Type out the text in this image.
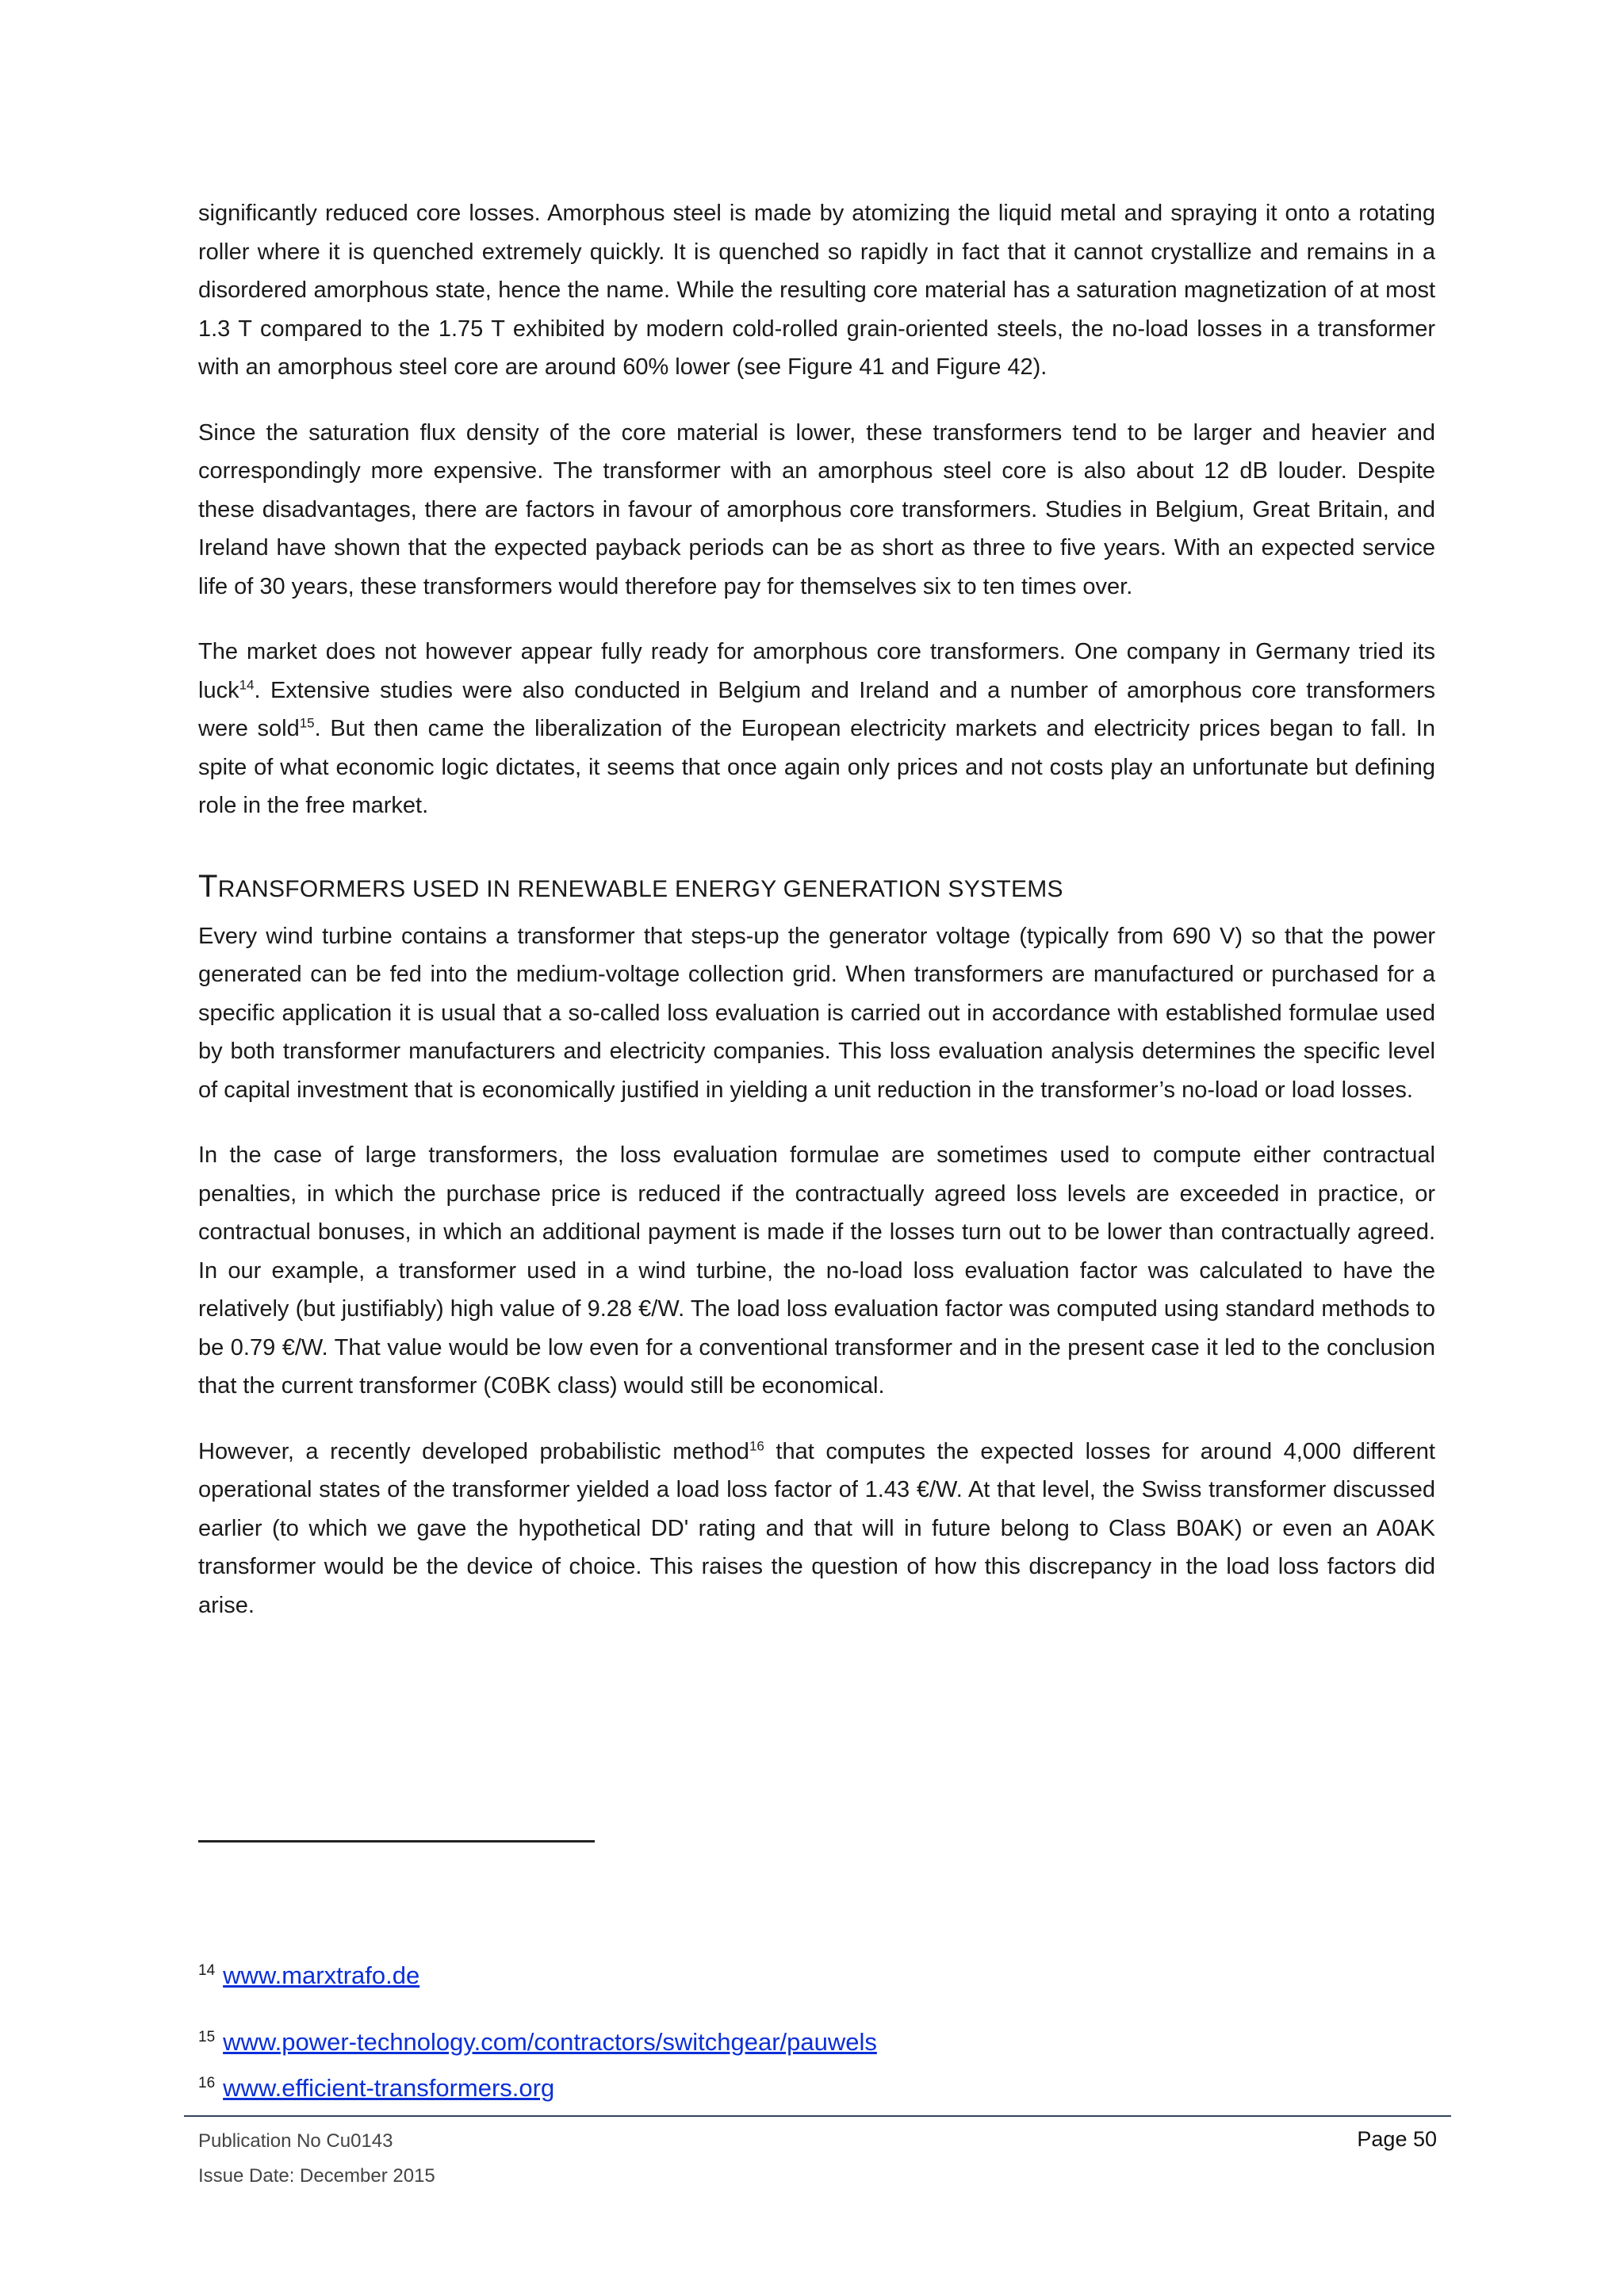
significantly reduced core losses. Amorphous steel is made by atomizing the liquid metal and spraying it onto a rotating roller where it is quenched extremely quickly. It is quenched so rapidly in fact that it cannot crystallize and remains in a disordered amorphous state, hence the name. While the resulting core material has a saturation magnetization of at most 1.3 T compared to the 1.75 T exhibited by modern cold-rolled grain-oriented steels, the no-load losses in a transformer with an amorphous steel core are around 60% lower (see Figure 41 and Figure 42).

Since the saturation flux density of the core material is lower, these transformers tend to be larger and heavier and correspondingly more expensive. The transformer with an amorphous steel core is also about 12 dB louder. Despite these disadvantages, there are factors in favour of amorphous core transformers. Studies in Belgium, Great Britain, and Ireland have shown that the expected payback periods can be as short as three to five years. With an expected service life of 30 years, these transformers would therefore pay for themselves six to ten times over.

The market does not however appear fully ready for amorphous core transformers. One company in Germany tried its luck$^{14}$. Extensive studies were also conducted in Belgium and Ireland and a number of amorphous core transformers were sold$^{15}$. But then came the liberalization of the European electricity markets and electricity prices began to fall. In spite of what economic logic dictates, it seems that once again only prices and not costs play an unfortunate but defining role in the free market.

TRANSFORMERS USED IN RENEWABLE ENERGY GENERATION SYSTEMS

Every wind turbine contains a transformer that steps-up the generator voltage (typically from 690 V) so that the power generated can be fed into the medium-voltage collection grid. When transformers are manufactured or purchased for a specific application it is usual that a so-called loss evaluation is carried out in accordance with established formulae used by both transformer manufacturers and electricity companies. This loss evaluation analysis determines the specific level of capital investment that is economically justified in yielding a unit reduction in the transformer’s no-load or load losses.

In the case of large transformers, the loss evaluation formulae are sometimes used to compute either contractual penalties, in which the purchase price is reduced if the contractually agreed loss levels are exceeded in practice, or contractual bonuses, in which an additional payment is made if the losses turn out to be lower than contractually agreed. In our example, a transformer used in a wind turbine, the no-load loss evaluation factor was calculated to have the relatively (but justifiably) high value of 9.28 €/W. The load loss evaluation factor was computed using standard methods to be 0.79 €/W. That value would be low even for a conventional transformer and in the present case it led to the conclusion that the current transformer (C0BK class) would still be economical.

However, a recently developed probabilistic method$^{16}$ that computes the expected losses for around 4,000 different operational states of the transformer yielded a load loss factor of 1.43 €/W. At that level, the Swiss transformer discussed earlier (to which we gave the hypothetical DD' rating and that will in future belong to Class B0AK) or even an A0AK transformer would be the device of choice. This raises the question of how this discrepancy in the load loss factors did arise.

$^{14}$ www.marxtrafo.de
$^{15}$ www.power-technology.com/contractors/switchgear/pauwels
$^{16}$ www.efficient-transformers.org
Publication No Cu0143
Issue Date: December 2015
Page 50
